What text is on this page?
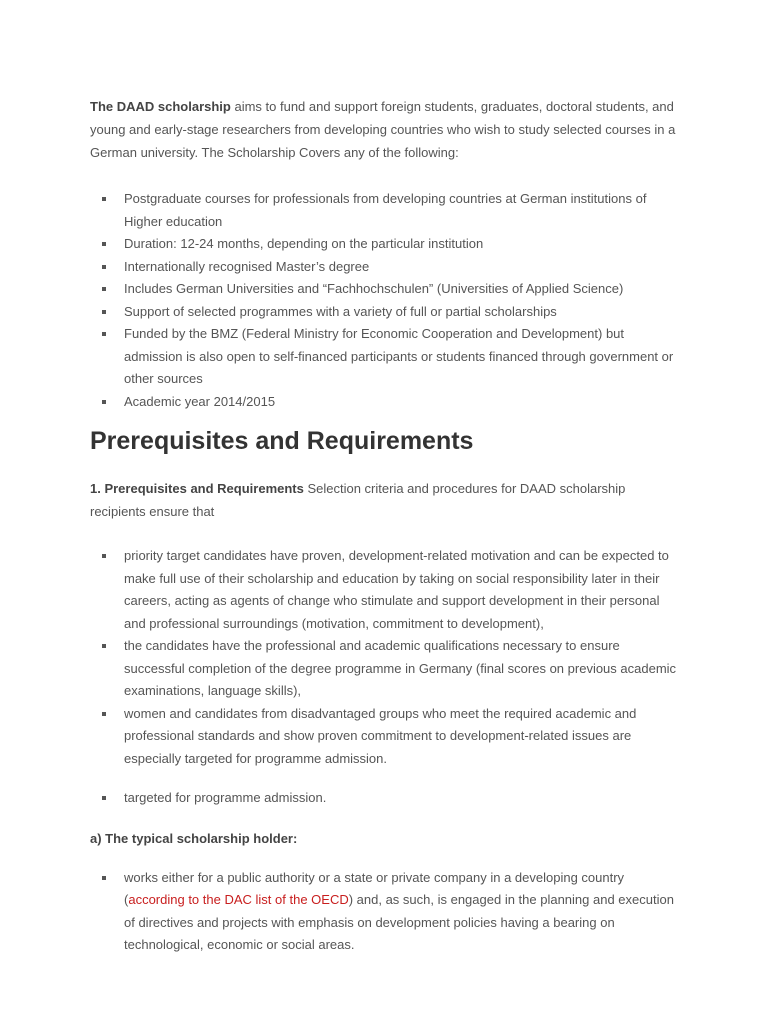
The DAAD scholarship aims to fund and support foreign students, graduates, doctoral students, and young and early-stage researchers from developing countries who wish to study selected courses in a German university. The Scholarship Covers any of the following:

Postgraduate courses for professionals from developing countries at German institutions of Higher education
Duration: 12-24 months, depending on the particular institution
Internationally recognised Master’s degree
Includes German Universities and “Fachhochschulen” (Universities of Applied Science)
Support of selected programmes with a variety of full or partial scholarships
Funded by the BMZ (Federal Ministry for Economic Cooperation and Development) but admission is also open to self-financed participants or students financed through government or other sources
Academic year 2014/2015
Prerequisites and Requirements

1. Prerequisites and Requirements Selection criteria and procedures for DAAD scholarship recipients ensure that

priority target candidates have proven, development-related motivation and can be expected to make full use of their scholarship and education by taking on social responsibility later in their careers, acting as agents of change who stimulate and support development in their personal and professional surroundings (motivation, commitment to development),
the candidates have the professional and academic qualifications necessary to ensure successful completion of the degree programme in Germany (final scores on previous academic examinations, language skills),
women and candidates from disadvantaged groups who meet the required academic and professional standards and show proven commitment to development-related issues are especially targeted for programme admission.
targeted for programme admission.

a) The typical scholarship holder:

works either for a public authority or a state or private company in a developing country (according to the DAC list of the OECD) and, as such, is engaged in the planning and execution of directives and projects with emphasis on development policies having a bearing on technological, economic or social areas.
